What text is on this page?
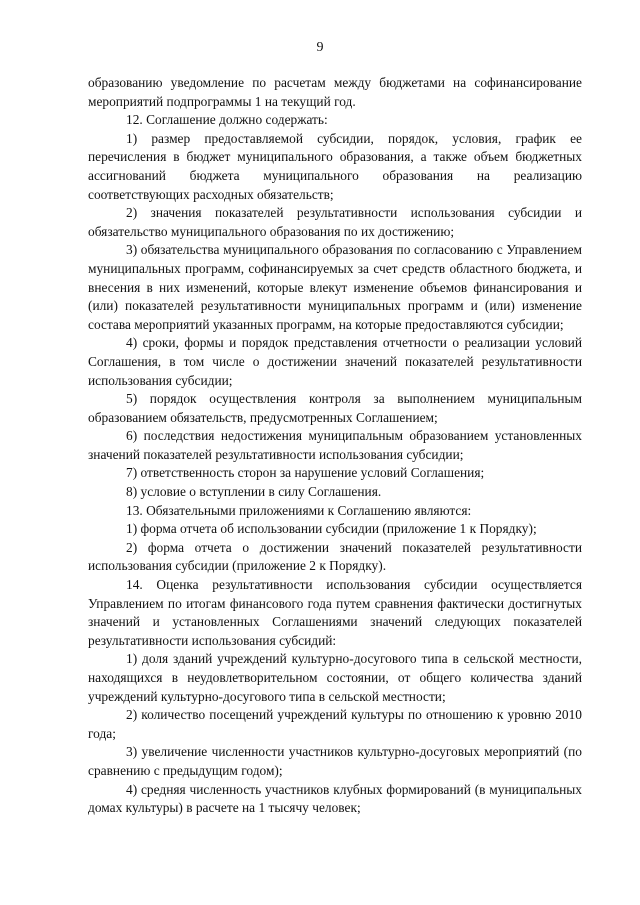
9

образованию уведомление по расчетам между бюджетами на софинансирование мероприятий подпрограммы 1 на текущий год.

12. Соглашение должно содержать:

1) размер предоставляемой субсидии, порядок, условия, график ее перечисления в бюджет муниципального образования, а также объем бюджетных ассигнований бюджета муниципального образования на реализацию соответствующих расходных обязательств;

2) значения показателей результативности использования субсидии и обязательство муниципального образования по их достижению;

3) обязательства муниципального образования по согласованию с Управлением муниципальных программ, софинансируемых за счет средств областного бюджета, и внесения в них изменений, которые влекут изменение объемов финансирования и (или) показателей результативности муниципальных программ и (или) изменение состава мероприятий указанных программ, на которые предоставляются субсидии;

4) сроки, формы и порядок представления отчетности о реализации условий Соглашения, в том числе о достижении значений показателей результативности использования субсидии;

5) порядок осуществления контроля за выполнением муниципальным образованием обязательств, предусмотренных Соглашением;

6) последствия недостижения муниципальным образованием установленных значений показателей результативности использования субсидии;

7) ответственность сторон за нарушение условий Соглашения;

8) условие о вступлении в силу Соглашения.

13. Обязательными приложениями к Соглашению являются:

1) форма отчета об использовании субсидии (приложение 1 к Порядку);

2) форма отчета о достижении значений показателей результативности использования субсидии (приложение 2 к Порядку).

14. Оценка результативности использования субсидии осуществляется Управлением по итогам финансового года путем сравнения фактически достигнутых значений и установленных Соглашениями значений следующих показателей результативности использования субсидий:

1) доля зданий учреждений культурно-досугового типа в сельской местности, находящихся в неудовлетворительном состоянии, от общего количества зданий учреждений культурно-досугового типа в сельской местности;

2) количество посещений учреждений культуры по отношению к уровню 2010 года;

3) увеличение численности участников культурно-досуговых мероприятий (по сравнению с предыдущим годом);

4) средняя численность участников клубных формирований (в муниципальных домах культуры) в расчете на 1 тысячу человек;
